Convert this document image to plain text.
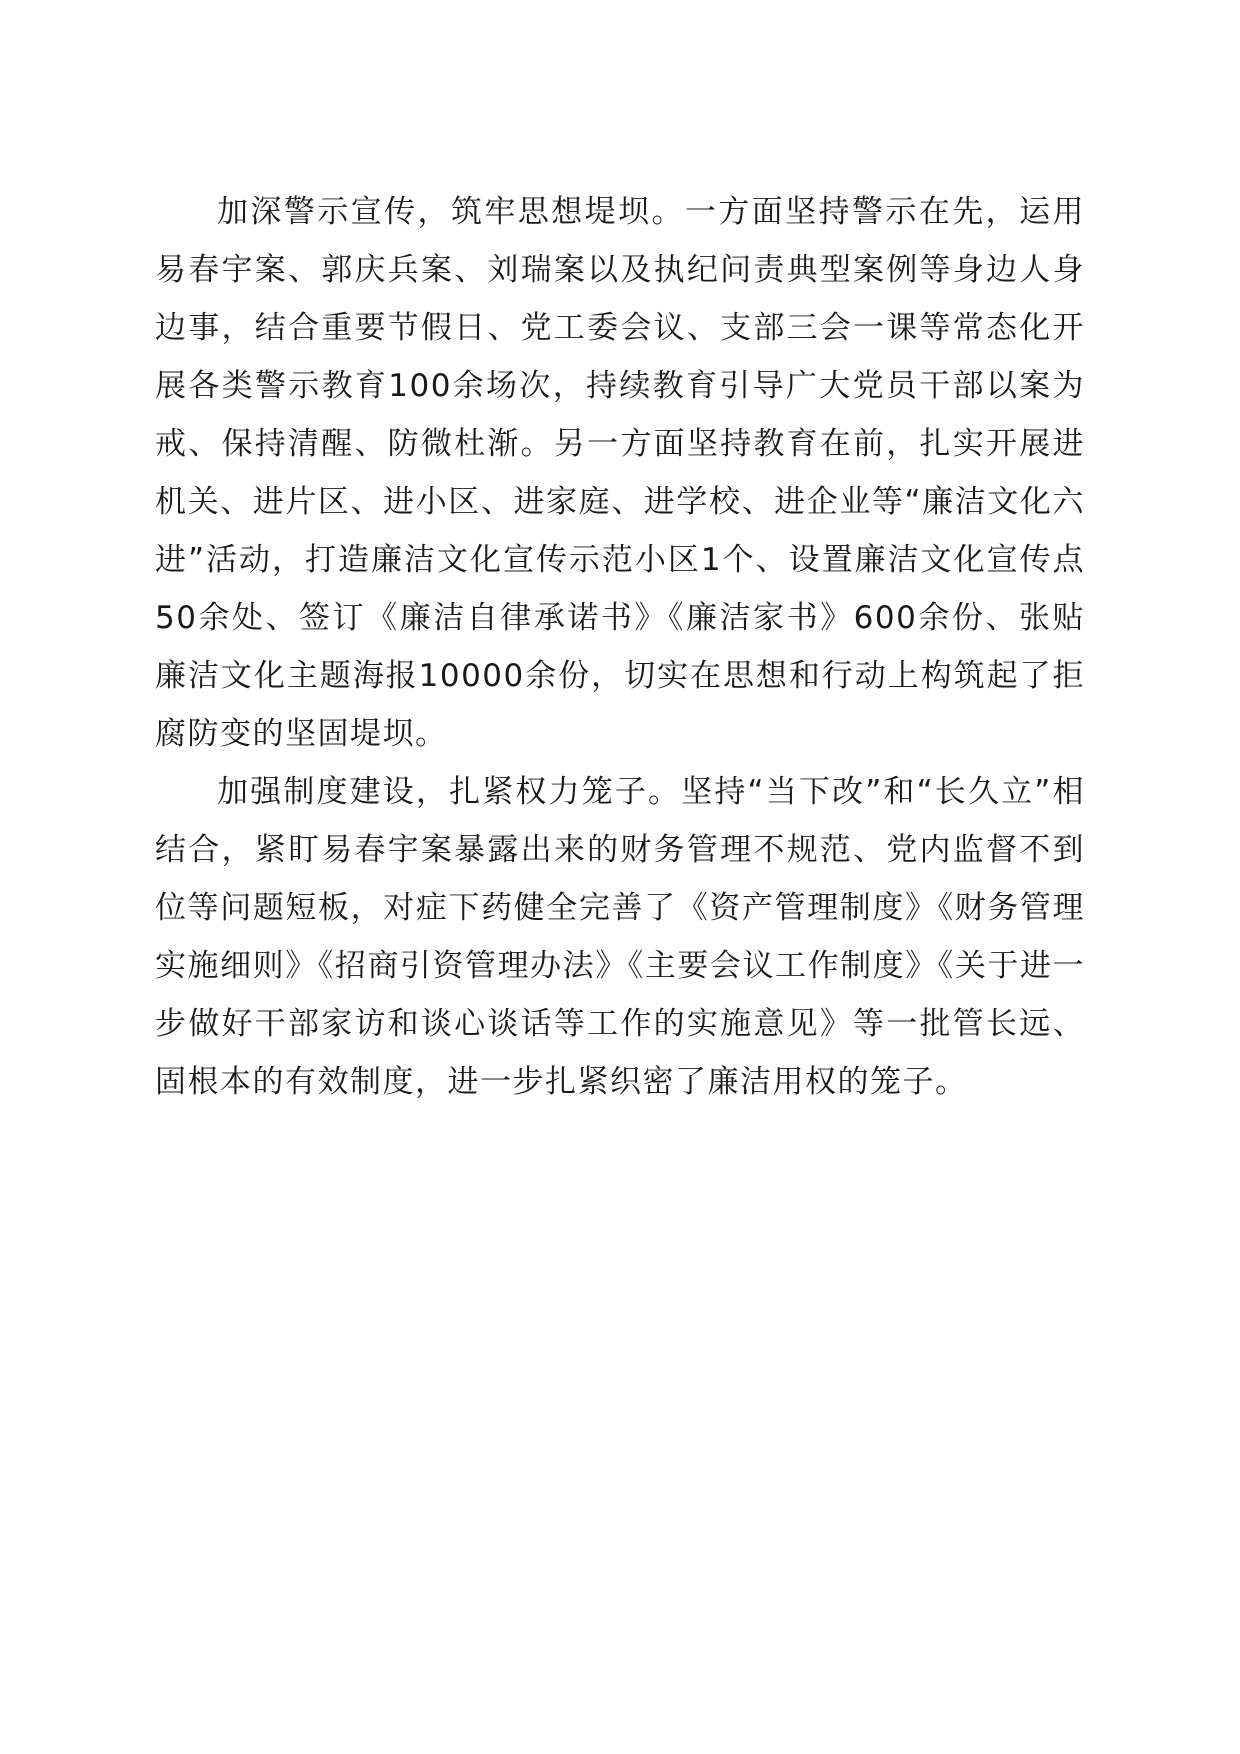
加深警示宣传，筑牢思想堤坝。一方面坚持警示在先，运用易春宇案、郭庆兵案、刘瑞案以及执纪问责典型案例等身边人身边事，结合重要节假日、党工委会议、支部三会一课等常态化开展各类警示教育100余场次，持续教育引导广大党员干部以案为戒、保持清醒、防微杜渐。另一方面坚持教育在前，扎实开展进机关、进片区、进小区、进家庭、进学校、进企业等“廉洁文化六进”活动，打造廉洁文化宣传示范小区1个、设置廉洁文化宣传点50余处、签订《廉洁自律承诺书》《廉洁家书》600余份、张贴廉洁文化主题海报10000余份，切实在思想和行动上构筑起了拒腐防变的坚固堤坝。

加强制度建设，扎紧权力笼子。坚持“当下改”和“长久立”相结合，紧盯易春宇案暴露出来的财务管理不规范、党内监督不到位等问题短板，对症下药健全完善了《资产管理制度》《财务管理实施细则》《招商引资管理办法》《主要会议工作制度》《关于进一步做好干部家访和谈心谈话等工作的实施意见》等一批管长远、固根本的有效制度，进一步扎紧织密了廉洁用权的笼子。
